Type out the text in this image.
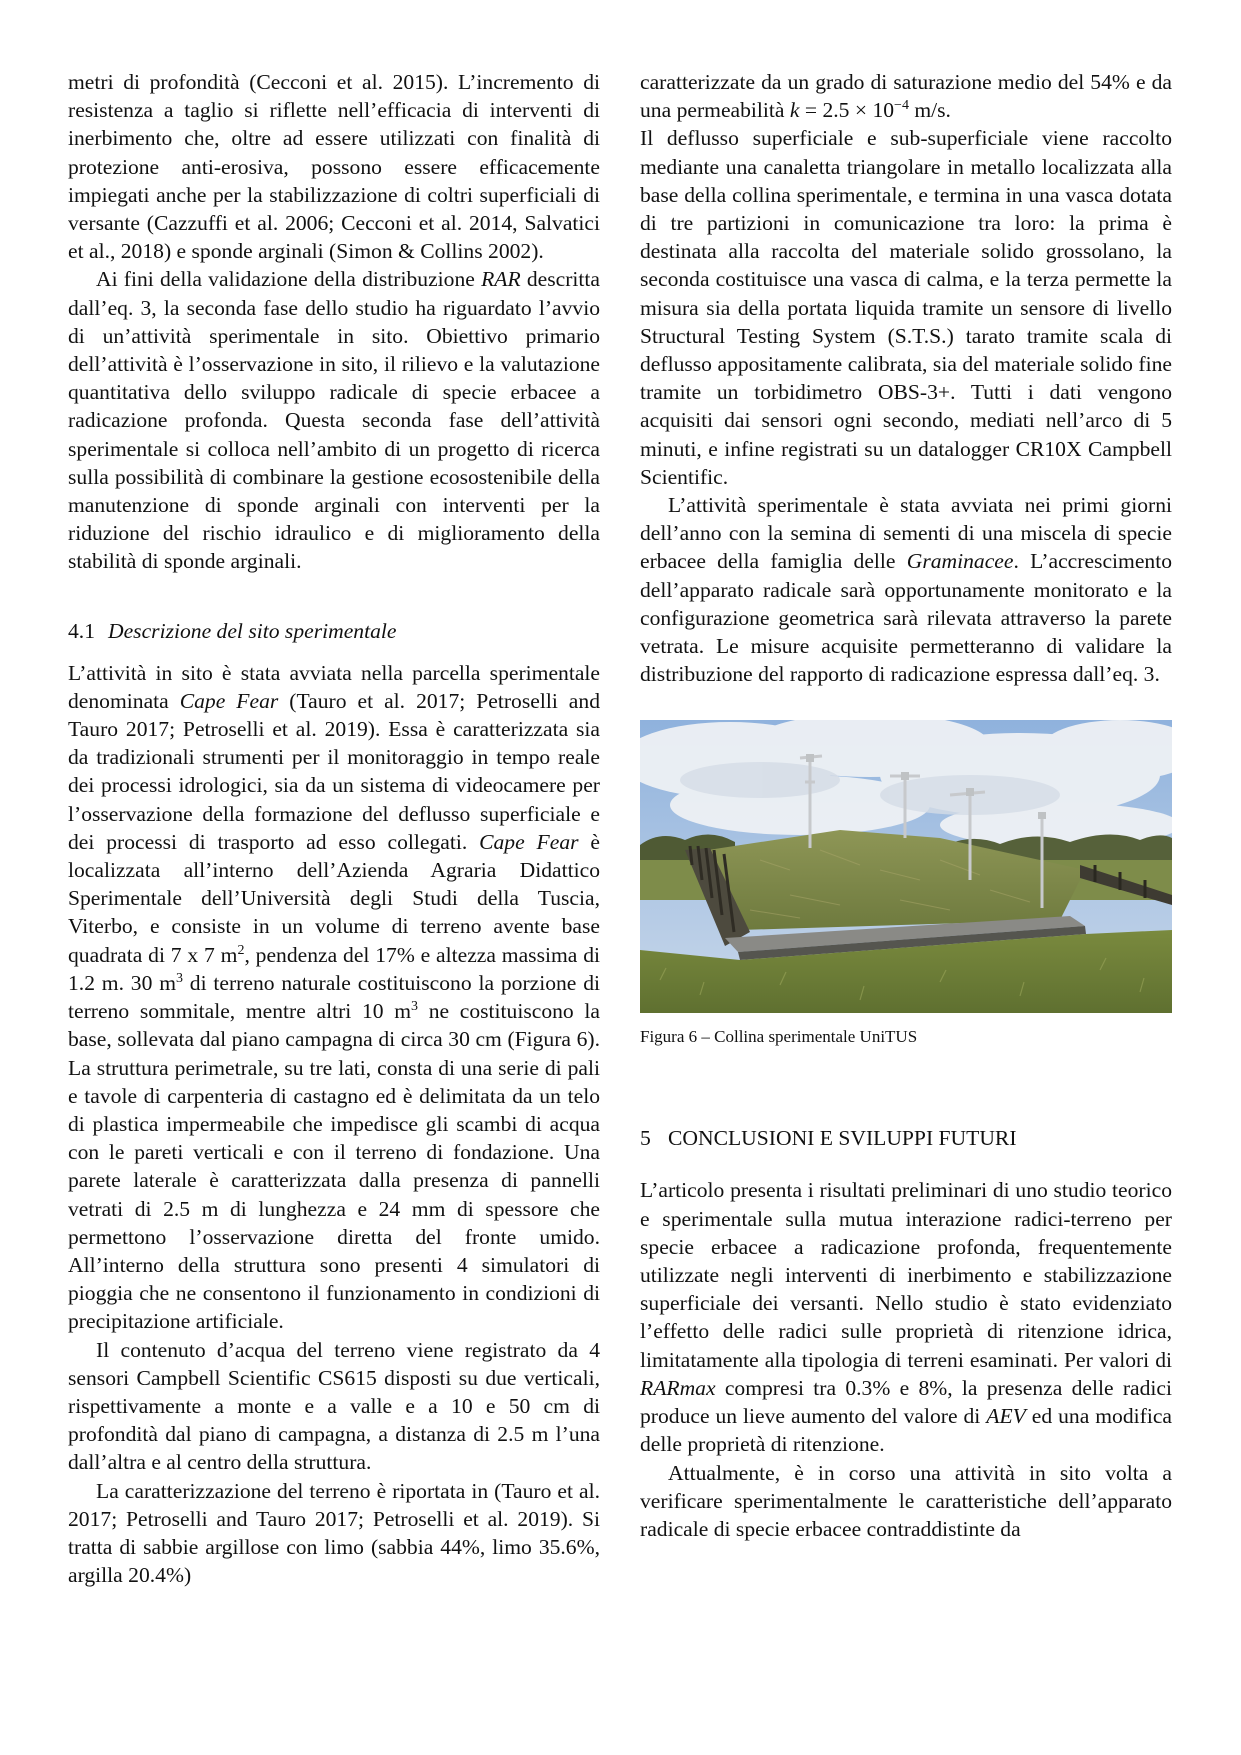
metri di profondità (Cecconi et al. 2015). L’incremento di resistenza a taglio si riflette nell’efficacia di interventi di inerbimento che, oltre ad essere utilizzati con finalità di protezione anti-erosiva, possono essere efficacemente impiegati anche per la stabilizzazione di coltri superficiali di versante (Cazzuffi et al. 2006; Cecconi et al. 2014, Salvatici et al., 2018) e sponde arginali (Simon & Collins 2002).

Ai fini della validazione della distribuzione RAR descritta dall’eq. 3, la seconda fase dello studio ha riguardato l’avvio di un’attività sperimentale in sito. Obiettivo primario dell’attività è l’osservazione in sito, il rilievo e la valutazione quantitativa dello sviluppo radicale di specie erbacee a radicazione profonda. Questa seconda fase dell’attività sperimentale si colloca nell’ambito di un progetto di ricerca sulla possibilità di combinare la gestione ecosostenibile della manutenzione di sponde arginali con interventi per la riduzione del rischio idraulico e di miglioramento della stabilità di sponde arginali.

4.1 Descrizione del sito sperimentale

L’attività in sito è stata avviata nella parcella sperimentale denominata Cape Fear (Tauro et al. 2017; Petroselli and Tauro 2017; Petroselli et al. 2019). Essa è caratterizzata sia da tradizionali strumenti per il monitoraggio in tempo reale dei processi idrologici, sia da un sistema di videocamere per l’osservazione della formazione del deflusso superficiale e dei processi di trasporto ad esso collegati. Cape Fear è localizzata all’interno dell’Azienda Agraria Didattico Sperimentale dell’Università degli Studi della Tuscia, Viterbo, e consiste in un volume di terreno avente base quadrata di 7 x 7 $m^2$, pendenza del 17% e altezza massima di 1.2 m. 30 $m^3$ di terreno naturale costituiscono la porzione di terreno sommitale, mentre altri 10 $m^3$ ne costituiscono la base, sollevata dal piano campagna di circa 30 cm (Figura 6). La struttura perimetrale, su tre lati, consta di una serie di pali e tavole di carpenteria di castagno ed è delimitata da un telo di plastica impermeabile che impedisce gli scambi di acqua con le pareti verticali e con il terreno di fondazione. Una parete laterale è caratterizzata dalla presenza di pannelli vetrati di 2.5 m di lunghezza e 24 mm di spessore che permettono l’osservazione diretta del fronte umido. All’interno della struttura sono presenti 4 simulatori di pioggia che ne consentono il funzionamento in condizioni di precipitazione artificiale.

Il contenuto d’acqua del terreno viene registrato da 4 sensori Campbell Scientific CS615 disposti su due verticali, rispettivamente a monte e a valle e a 10 e 50 cm di profondità dal piano di campagna, a distanza di 2.5 m l’una dall’altra e al centro della struttura.

La caratterizzazione del terreno è riportata in (Tauro et al. 2017; Petroselli and Tauro 2017; Petroselli et al. 2019). Si tratta di sabbie argillose con limo (sabbia 44%, limo 35.6%, argilla 20.4%)

caratterizzate da un grado di saturazione medio del 54% e da una permeabilità $k = 2.5 \times 10^{-4}$ m/s.

Il deflusso superficiale e sub-superficiale viene raccolto mediante una canaletta triangolare in metallo localizzata alla base della collina sperimentale, e termina in una vasca dotata di tre partizioni in comunicazione tra loro: la prima è destinata alla raccolta del materiale solido grossolano, la seconda costituisce una vasca di calma, e la terza permette la misura sia della portata liquida tramite un sensore di livello Structural Testing System (S.T.S.) tarato tramite scala di deflusso appositamente calibrata, sia del materiale solido fine tramite un torbidimetro OBS-3+. Tutti i dati vengono acquisiti dai sensori ogni secondo, mediati nell’arco di 5 minuti, e infine registrati su un datalogger CR10X Campbell Scientific.

L’attività sperimentale è stata avviata nei primi giorni dell’anno con la semina di sementi di una miscela di specie erbacee della famiglia delle Graminacee. L’accrescimento dell’apparato radicale sarà opportunamente monitorato e la configurazione geometrica sarà rilevata attraverso la parete vetrata. Le misure acquisite permetteranno di validare la distribuzione del rapporto di radicazione espressa dall’eq. 3.

Figura 6 – Collina sperimentale UniTUS

5 CONCLUSIONI E SVILUPPI FUTURI

L’articolo presenta i risultati preliminari di uno studio teorico e sperimentale sulla mutua interazione radici-terreno per specie erbacee a radicazione profonda, frequentemente utilizzate negli interventi di inerbimento e stabilizzazione superficiale dei versanti. Nello studio è stato evidenziato l’effetto delle radici sulle proprietà di ritenzione idrica, limitatamente alla tipologia di terreni esaminati. Per valori di RARmax compresi tra 0.3% e 8%, la presenza delle radici produce un lieve aumento del valore di AEV ed una modifica delle proprietà di ritenzione.

Attualmente, è in corso una attività in sito volta a verificare sperimentalmente le caratteristiche dell’apparato radicale di specie erbacee contraddistinte da
